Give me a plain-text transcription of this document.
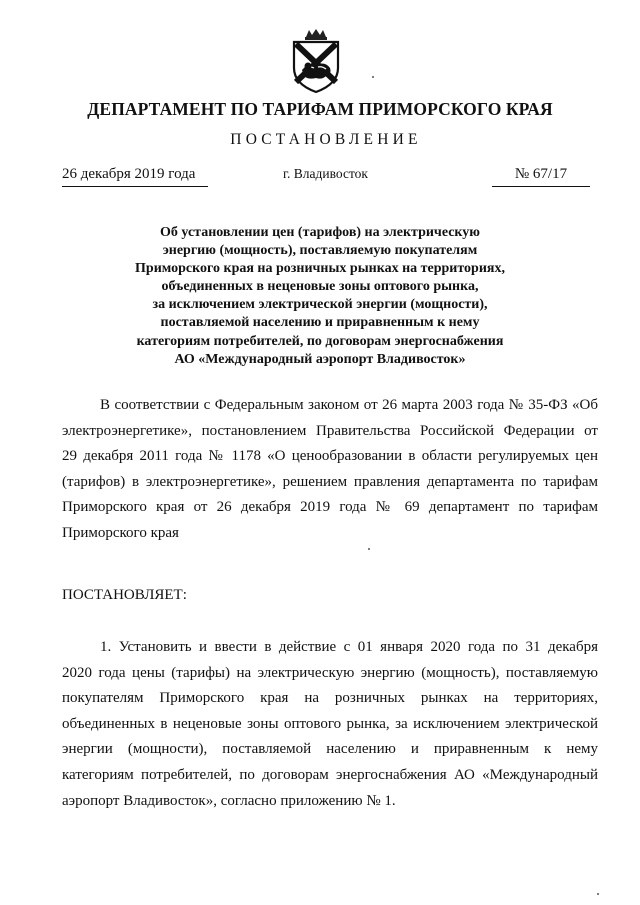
ДЕПАРТАМЕНТ ПО ТАРИФАМ ПРИМОРСКОГО КРАЯ
ПОСТАНОВЛЕНИЕ
26 декабря 2019 года	г. Владивосток	№ 67/17
Об установлении цен (тарифов) на электрическую
энергию (мощность), поставляемую покупателям
Приморского края на розничных рынках на территориях,
объединенных в неценовые зоны оптового рынка,
за исключением электрической энергии (мощности),
поставляемой населению и приравненным к нему
категориям потребителей, по договорам энергоснабжения
АО «Международный аэропорт Владивосток»
В соответствии с Федеральным законом от 26 марта 2003 года № 35-ФЗ «Об
электроэнергетике», постановлением Правительства Российской Федерации от
29 декабря 2011 года № 1178 «О ценообразовании в области регулируемых цен
(тарифов) в электроэнергетике», решением правления департамента по тарифам
Приморского края от 26 декабря 2019 года № 69 департамент по тарифам
Приморского края
ПОСТАНОВЛЯЕТ:
1. Установить и ввести в действие с 01 января 2020 года по 31 декабря
2020 года цены (тарифы) на электрическую энергию (мощность), поставляемую
покупателям Приморского края на розничных рынках на территориях,
объединенных в неценовые зоны оптового рынка, за исключением электрической
энергии (мощности), поставляемой населению и приравненным к нему
категориям потребителей, по договорам энергоснабжения АО «Международный
аэропорт Владивосток», согласно приложению № 1.
